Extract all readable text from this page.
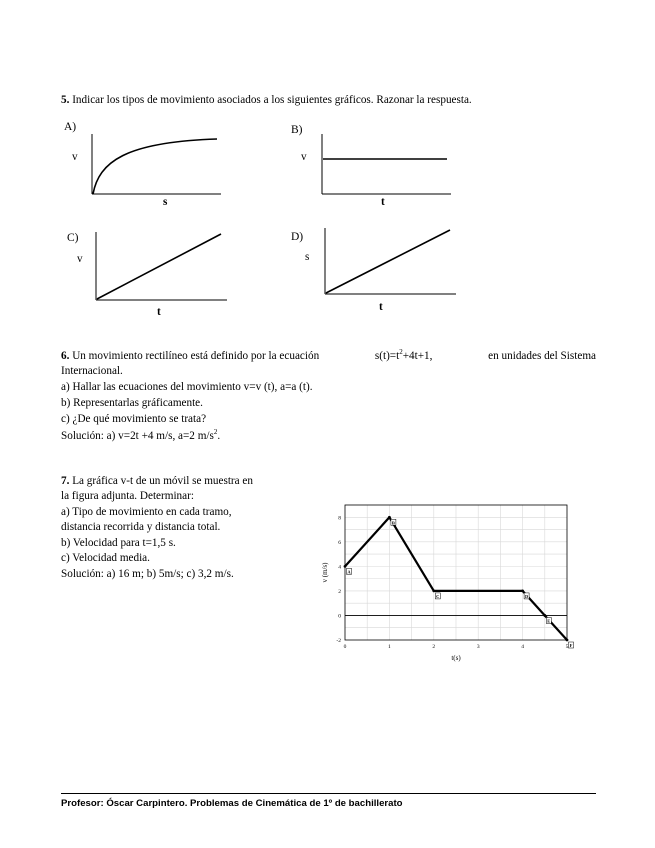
5. Indicar los tipos de movimiento asociados a los siguientes gráficos. Razonar la respuesta.
A)
v
s
B)
v
t
C)
v
t
D)
s
t
6. Un movimiento rectilíneo está definido por la ecuación	$s(t)=t^2+4t+1$,	en unidades del Sistema
Internacional.
a) Hallar las ecuaciones del movimiento v=v (t), a=a (t).
b) Representarlas gráficamente.
c) ¿De qué movimiento se trata?
Solución: a) v=2t +4 m/s, a=2 $m/s^2$.
7. La gráfica v-t de un móvil se muestra en
la figura adjunta. Determinar:
a) Tipo de movimiento en cada tramo,
distancia recorrida y distancia total.
b) Velocidad para t=1,5 s.
c) Velocidad media.
Solución: a) 16 m; b) 5m/s; c) 3,2 m/s.
0	1	2	3	4	5
-2
0
2
4
6
8
A
B
C	D
E
F
t(s)
v (m/s)
Profesor: Óscar Carpintero. Problemas de Cinemática de 1º de bachillerato
